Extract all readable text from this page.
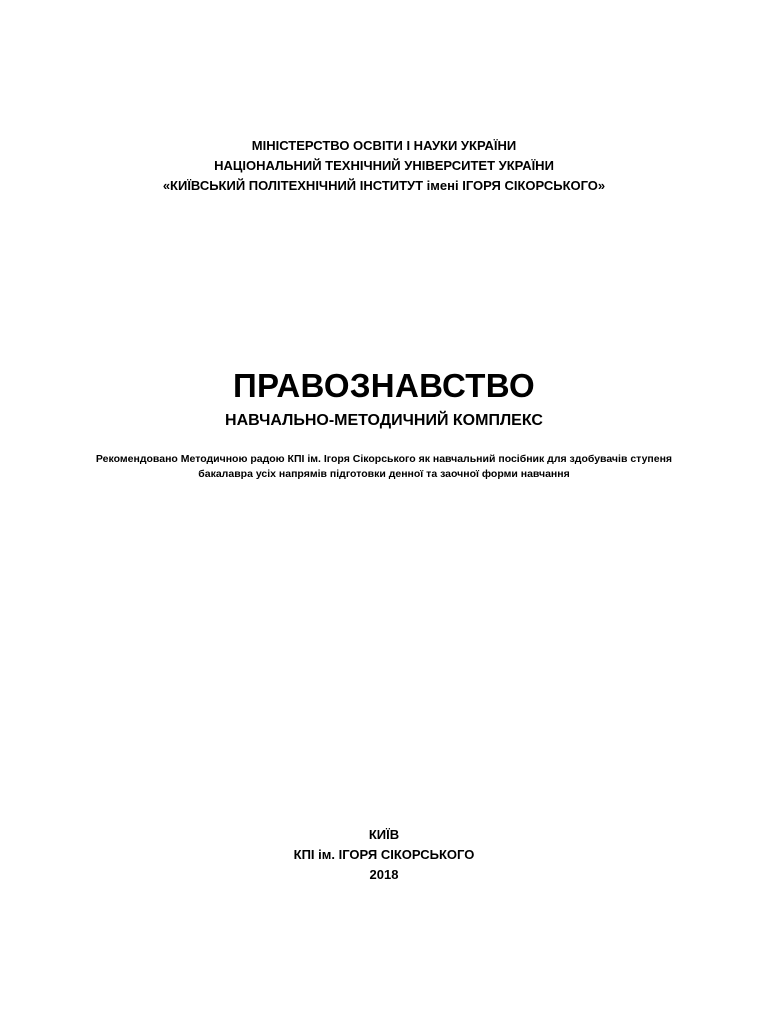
МІНІСТЕРСТВО ОСВІТИ І НАУКИ УКРАЇНИ
НАЦІОНАЛЬНИЙ ТЕХНІЧНИЙ УНІВЕРСИТЕТ УКРАЇНИ
«КИЇВСЬКИЙ ПОЛІТЕХНІЧНИЙ ІНСТИТУТ імені ІГОРЯ СІКОРСЬКОГО»
ПРАВОЗНАВСТВО
НАВЧАЛЬНО-МЕТОДИЧНИЙ КОМПЛЕКС
Рекомендовано Методичною радою КПІ ім. Ігоря Сікорського як навчальний посібник для здобувачів ступеня
бакалавра усіх напрямів підготовки денної та заочної форми навчання
КИЇВ
КПІ ім. ІГОРЯ СІКОРСЬКОГО
2018
